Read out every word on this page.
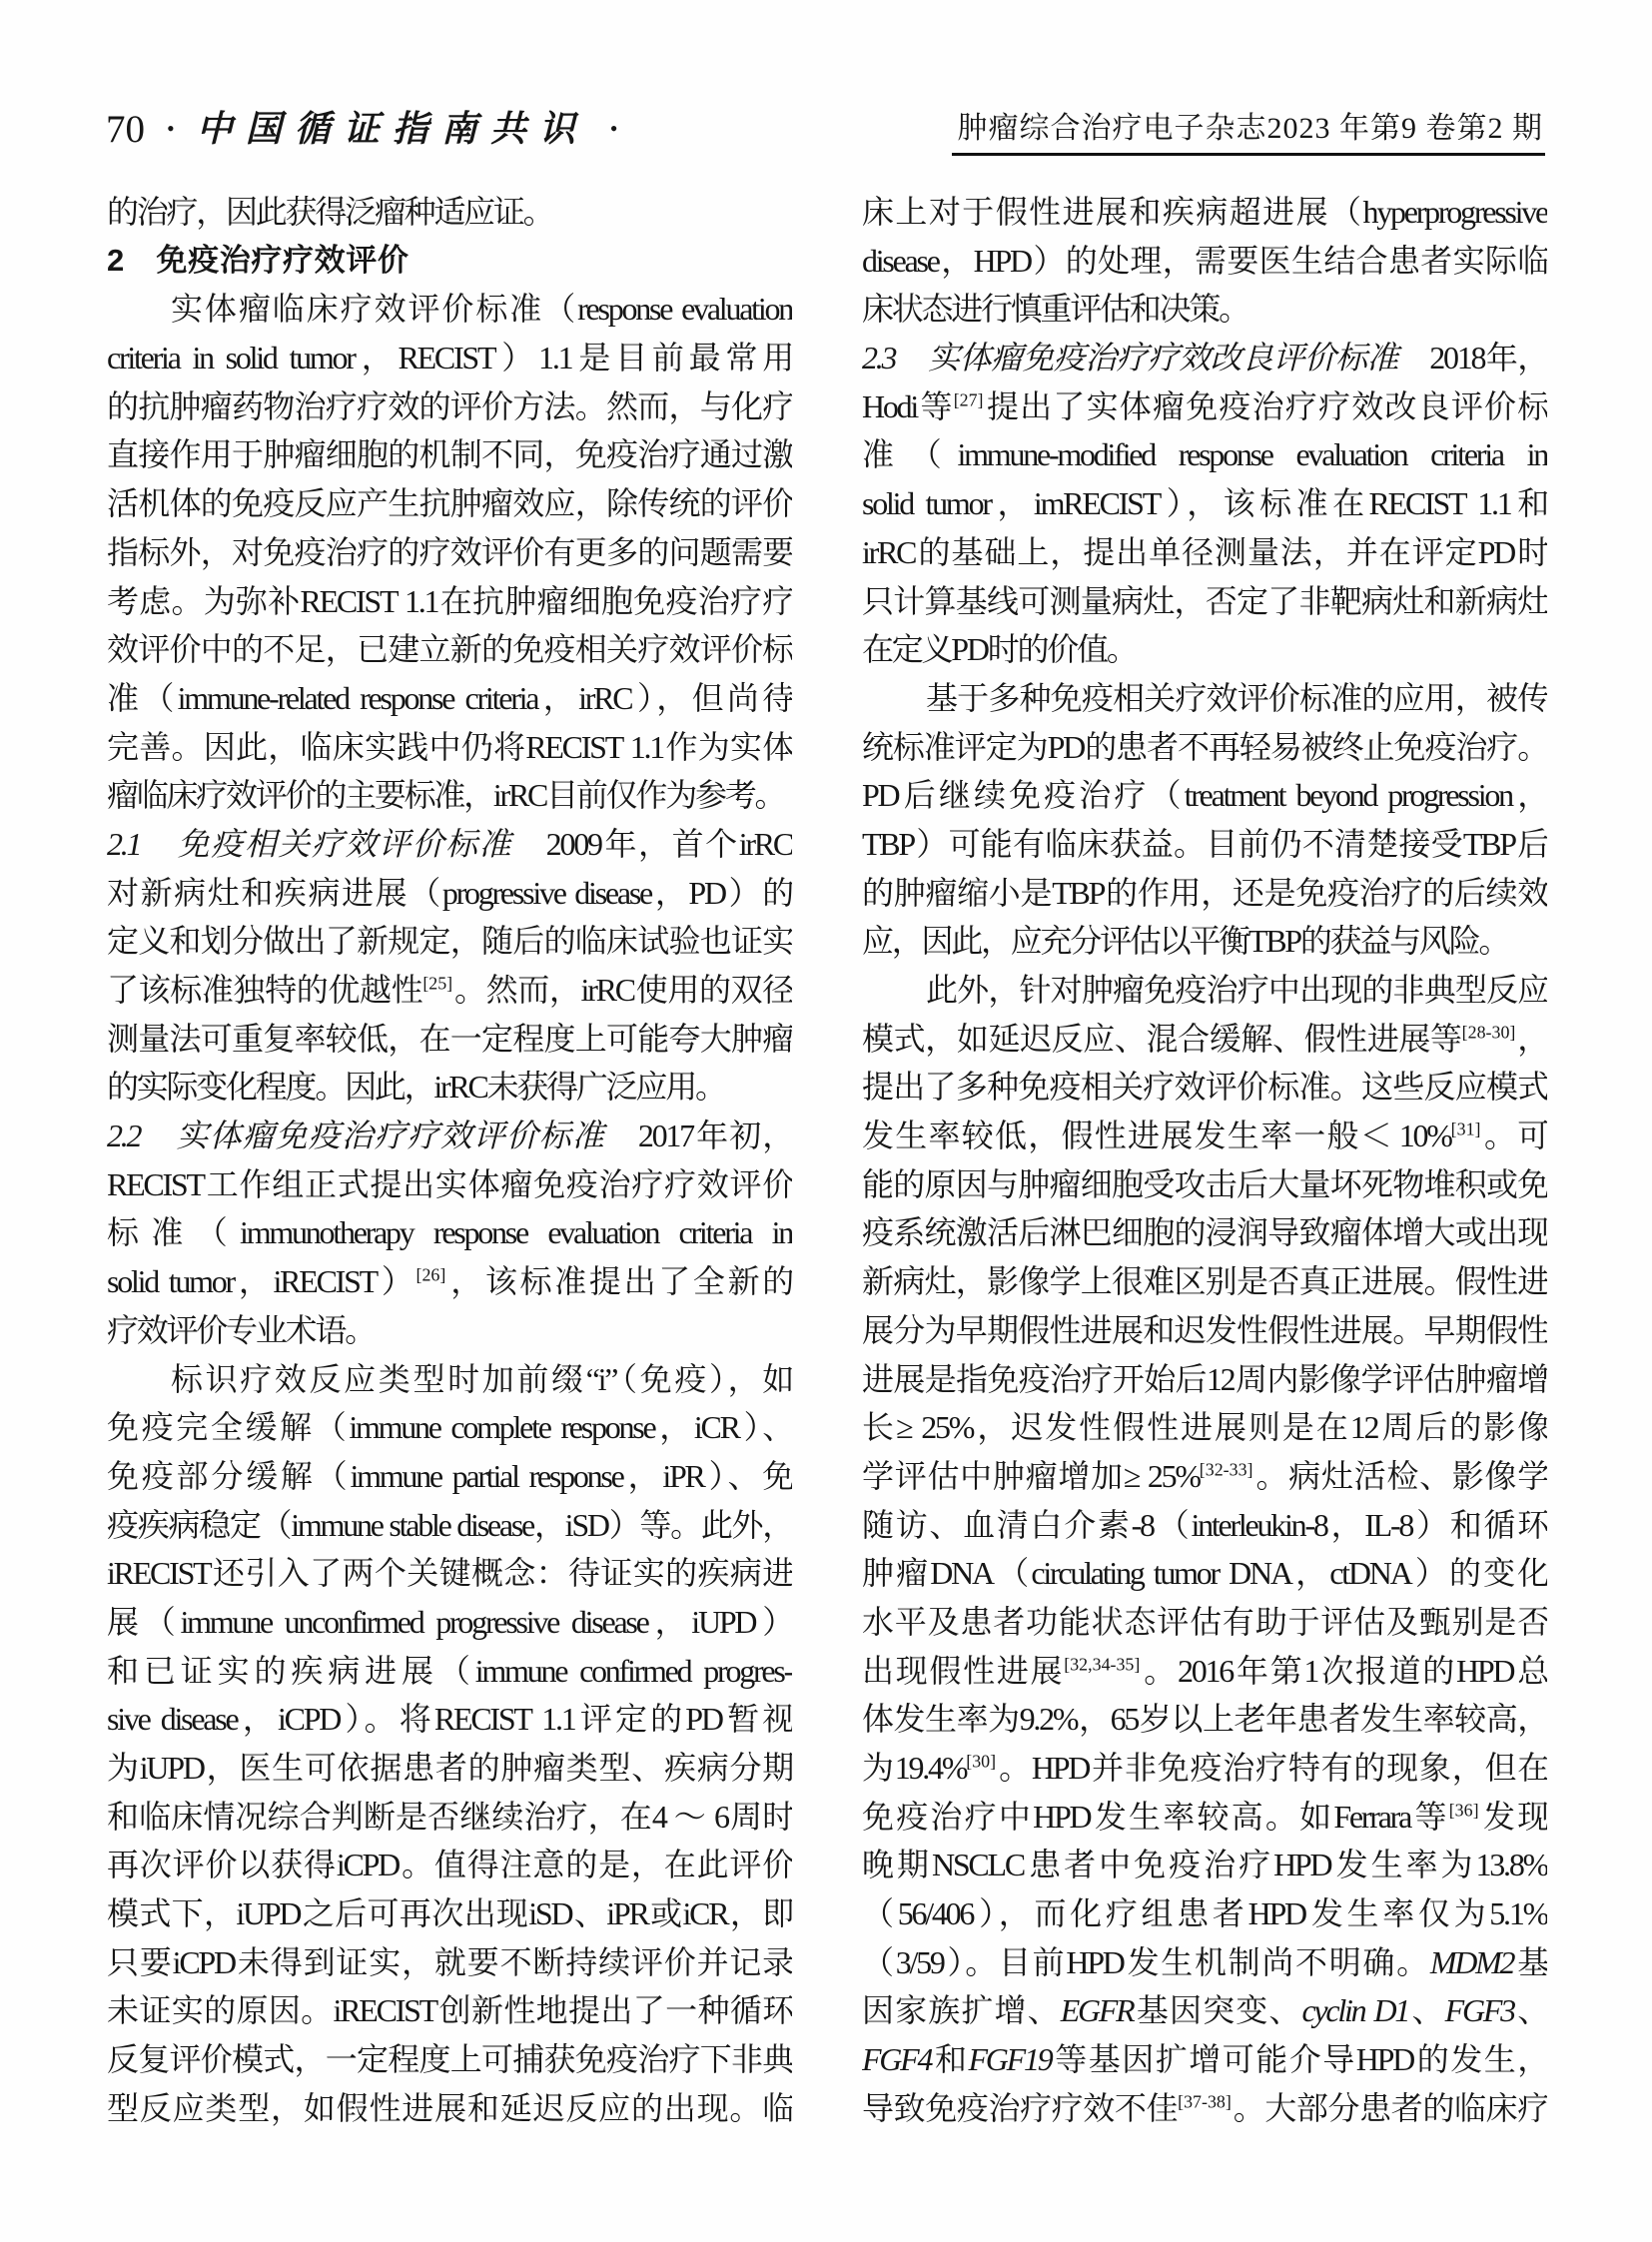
70 • 中国循证指南共识 •	肿瘤综合治疗电子杂志2023 年第9 卷第2 期
的治疗，因此获得泛瘤种适应证。
2　免疫治疗疗效评价
实体瘤临床疗效评价标准（response evaluation
criteria in solid tumor，RECIST）1.1是目前最常用
的抗肿瘤药物治疗疗效的评价方法。然而，与化疗
直接作用于肿瘤细胞的机制不同，免疫治疗通过激
活机体的免疫反应产生抗肿瘤效应，除传统的评价
指标外，对免疫治疗的疗效评价有更多的问题需要
考虑。为弥补RECIST 1.1在抗肿瘤细胞免疫治疗疗
效评价中的不足，已建立新的免疫相关疗效评价标
准（immune-related response criteria，irRC），但尚待
完善。因此，临床实践中仍将RECIST 1.1作为实体
瘤临床疗效评价的主要标准，irRC目前仅作为参考。
2.1　免疫相关疗效评价标准　2009年，首个irRC
对新病灶和疾病进展（progressive disease，PD）的
定义和划分做出了新规定，随后的临床试验也证实
了该标准独特的优越性[25]。然而，irRC使用的双径
测量法可重复率较低，在一定程度上可能夸大肿瘤
的实际变化程度。因此，irRC未获得广泛应用。
2.2　实体瘤免疫治疗疗效评价标准　2017年初，
RECIST工作组正式提出实体瘤免疫治疗疗效评价
标准（immunotherapy response evaluation criteria in
solid tumor，iRECIST）[26]，该标准提出了全新的
疗效评价专业术语。
标识疗效反应类型时加前缀“i”（免疫），如
免疫完全缓解（immune complete response，iCR）、
免疫部分缓解（immune partial response，iPR）、免
疫疾病稳定（immune stable disease，iSD）等。此外，
iRECIST还引入了两个关键概念：待证实的疾病进
展（immune unconfirmed progressive disease，iUPD）
和已证实的疾病进展（immune confirmed progres-
sive disease，iCPD）。将RECIST 1.1评定的PD暂视
为iUPD，医生可依据患者的肿瘤类型、疾病分期
和临床情况综合判断是否继续治疗，在4 ～ 6周时
再次评价以获得iCPD。值得注意的是，在此评价
模式下，iUPD之后可再次出现iSD、iPR或iCR，即
只要iCPD未得到证实，就要不断持续评价并记录
未证实的原因。iRECIST创新性地提出了一种循环
反复评价模式，一定程度上可捕获免疫治疗下非典
型反应类型，如假性进展和延迟反应的出现。临
床上对于假性进展和疾病超进展（hyperprogressive
disease，HPD）的处理，需要医生结合患者实际临
床状态进行慎重评估和决策。
2.3　实体瘤免疫治疗疗效改良评价标准　2018年，
Hodi等[27]提出了实体瘤免疫治疗疗效改良评价标
准（immune-modified response evaluation criteria in
solid tumor，imRECIST），该标准在RECIST 1.1和
irRC的基础上，提出单径测量法，并在评定PD时
只计算基线可测量病灶，否定了非靶病灶和新病灶
在定义PD时的价值。
基于多种免疫相关疗效评价标准的应用，被传
统标准评定为PD的患者不再轻易被终止免疫治疗。
PD后继续免疫治疗（treatment beyond progression，
TBP）可能有临床获益。目前仍不清楚接受TBP后
的肿瘤缩小是TBP的作用，还是免疫治疗的后续效
应，因此，应充分评估以平衡TBP的获益与风险。
此外，针对肿瘤免疫治疗中出现的非典型反应
模式，如延迟反应、混合缓解、假性进展等[28-30]，
提出了多种免疫相关疗效评价标准。这些反应模式
发生率较低，假性进展发生率一般＜ 10%[31]。可
能的原因与肿瘤细胞受攻击后大量坏死物堆积或免
疫系统激活后淋巴细胞的浸润导致瘤体增大或出现
新病灶，影像学上很难区别是否真正进展。假性进
展分为早期假性进展和迟发性假性进展。早期假性
进展是指免疫治疗开始后12周内影像学评估肿瘤增
长≥ 25%，迟发性假性进展则是在12周后的影像
学评估中肿瘤增加≥ 25%[32-33]。病灶活检、影像学
随访、血清白介素-8（interleukin-8，IL-8）和循环
肿瘤DNA（circulating tumor DNA，ctDNA）的变化
水平及患者功能状态评估有助于评估及甄别是否
出现假性进展[32,34-35]。2016年第1次报道的HPD总
体发生率为9.2%，65岁以上老年患者发生率较高，
为19.4%[30]。HPD并非免疫治疗特有的现象，但在
免疫治疗中HPD发生率较高。如Ferrara等[36]发现
晚期NSCLC患者中免疫治疗HPD发生率为13.8%
（56/406），而化疗组患者HPD发生率仅为5.1%
（3/59）。目前HPD发生机制尚不明确。MDM2基
因家族扩增、EGFR基因突变、cyclin D1、FGF3、
FGF4和FGF19等基因扩增可能介导HPD的发生，
导致免疫治疗疗效不佳[37-38]。大部分患者的临床疗
